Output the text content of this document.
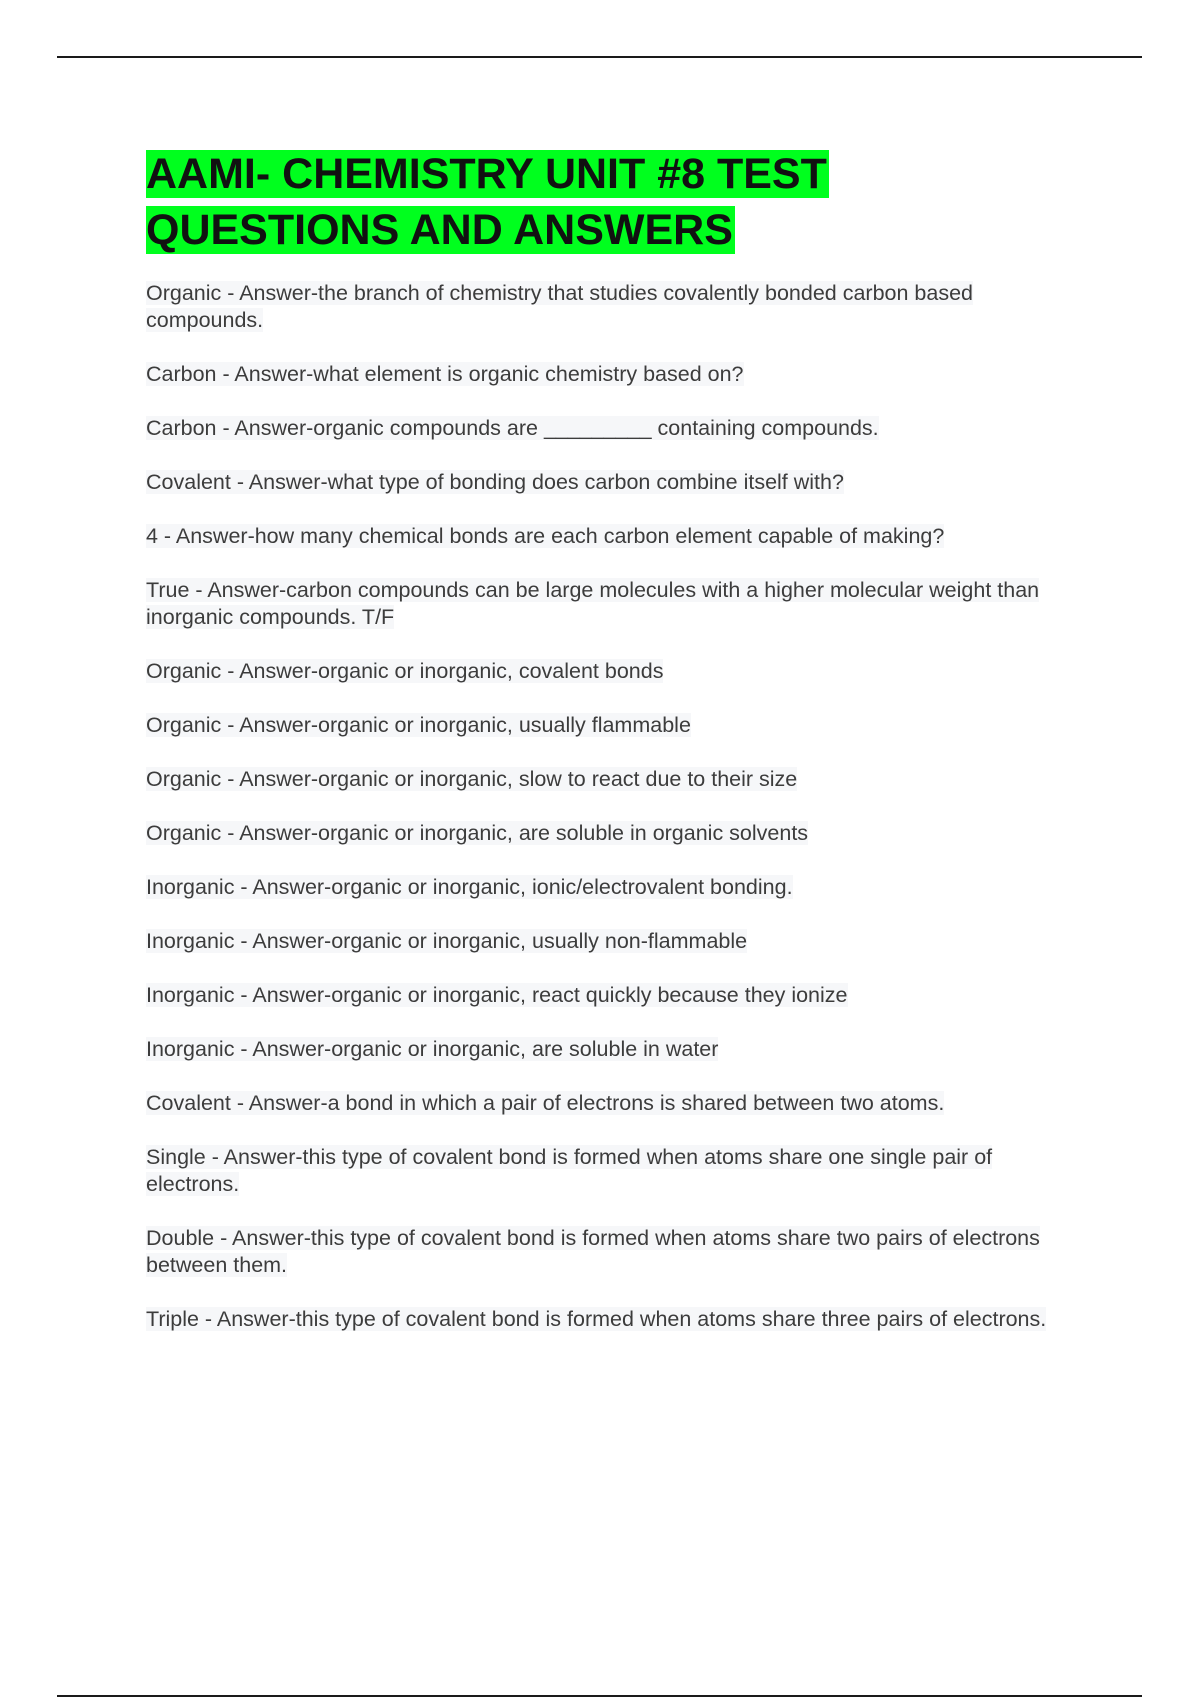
AAMI- CHEMISTRY UNIT #8 TEST QUESTIONS AND ANSWERS
Organic - Answer-the branch of chemistry that studies covalently bonded carbon based compounds.
Carbon - Answer-what element is organic chemistry based on?
Carbon - Answer-organic compounds are _________ containing compounds.
Covalent - Answer-what type of bonding does carbon combine itself with?
4 - Answer-how many chemical bonds are each carbon element capable of making?
True - Answer-carbon compounds can be large molecules with a higher molecular weight than inorganic compounds. T/F
Organic - Answer-organic or inorganic, covalent bonds
Organic - Answer-organic or inorganic, usually flammable
Organic - Answer-organic or inorganic, slow to react due to their size
Organic - Answer-organic or inorganic, are soluble in organic solvents
Inorganic - Answer-organic or inorganic, ionic/electrovalent bonding.
Inorganic - Answer-organic or inorganic, usually non-flammable
Inorganic - Answer-organic or inorganic, react quickly because they ionize
Inorganic - Answer-organic or inorganic, are soluble in water
Covalent - Answer-a bond in which a pair of electrons is shared between two atoms.
Single - Answer-this type of covalent bond is formed when atoms share one single pair of electrons.
Double - Answer-this type of covalent bond is formed when atoms share two pairs of electrons between them.
Triple - Answer-this type of covalent bond is formed when atoms share three pairs of electrons.
